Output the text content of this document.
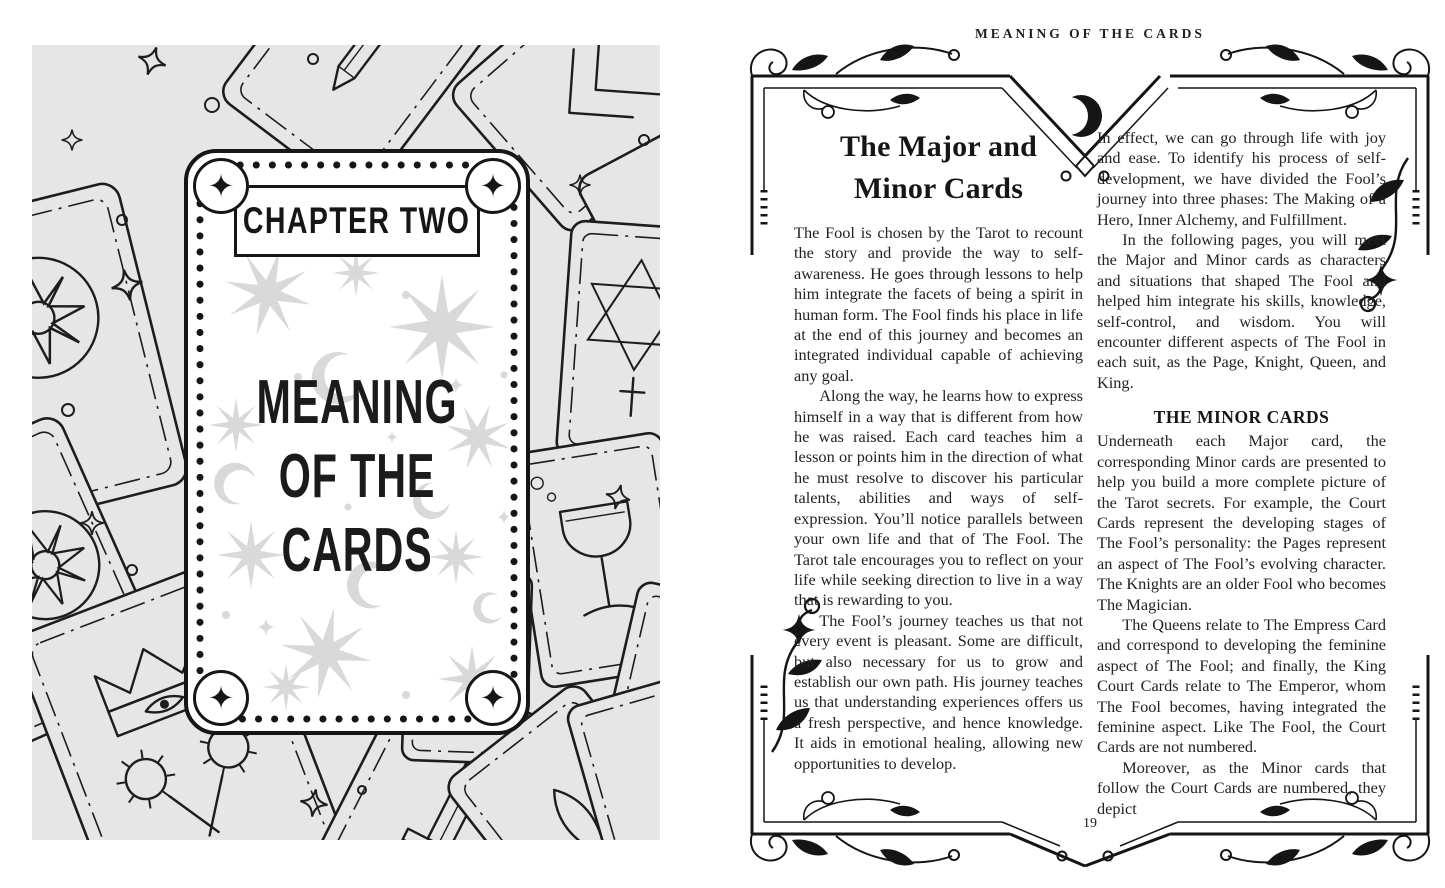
CHAPTER TWO
✦	✦
✦	✦
MEANING
OF THE
CARDS
MEANING OF THE CARDS
The Major and
Minor Cards

The Fool is chosen by the Tarot to recount the story and provide the way to self-awareness. He goes through lessons to help him integrate the facets of being a spirit in human form. The Fool finds his place in life at the end of this journey and becomes an integrated individual capable of achieving any goal.

Along the way, he learns how to express himself in a way that is different from how he was raised. Each card teaches him a lesson or points him in the direction of what he must resolve to discover his particular talents, abilities and ways of self-expression. You’ll notice parallels between your own life and that of The Fool. The Tarot tale encourages you to reflect on your life while seeking direction to live in a way that is rewarding to you.

The Fool’s journey teaches us that not every event is pleasant. Some are difficult, but also necessary for us to grow and establish our own path. His journey teaches us that understanding experiences offers us a fresh perspective, and hence knowledge. It aids in emotional healing, allowing new opportunities to develop.

In effect, we can go through life with joy and ease. To identify his process of self-development, we have divided the Fool’s journey into three phases: The Making of a Hero, Inner Alchemy, and Fulfillment.

In the following pages, you will meet the Major and Minor cards as characters and situations that shaped The Fool and helped him integrate his skills, knowledge, self-control, and wisdom. You will encounter different aspects of The Fool in each suit, as the Page, Knight, Queen, and King.

THE MINOR CARDS

Underneath each Major card, the corresponding Minor cards are presented to help you build a more complete picture of the Tarot secrets. For example, the Court Cards represent the developing stages of The Fool’s personality: the Pages represent an aspect of The Fool’s evolving character. The Knights are an older Fool who becomes The Magician.

The Queens relate to The Empress Card and correspond to developing the feminine aspect of The Fool; and finally, the King Court Cards relate to The Emperor, whom The Fool becomes, having integrated the feminine aspect. Like The Fool, the Court Cards are not numbered.

Moreover, as the Minor cards that follow the Court Cards are numbered, they depict

19
